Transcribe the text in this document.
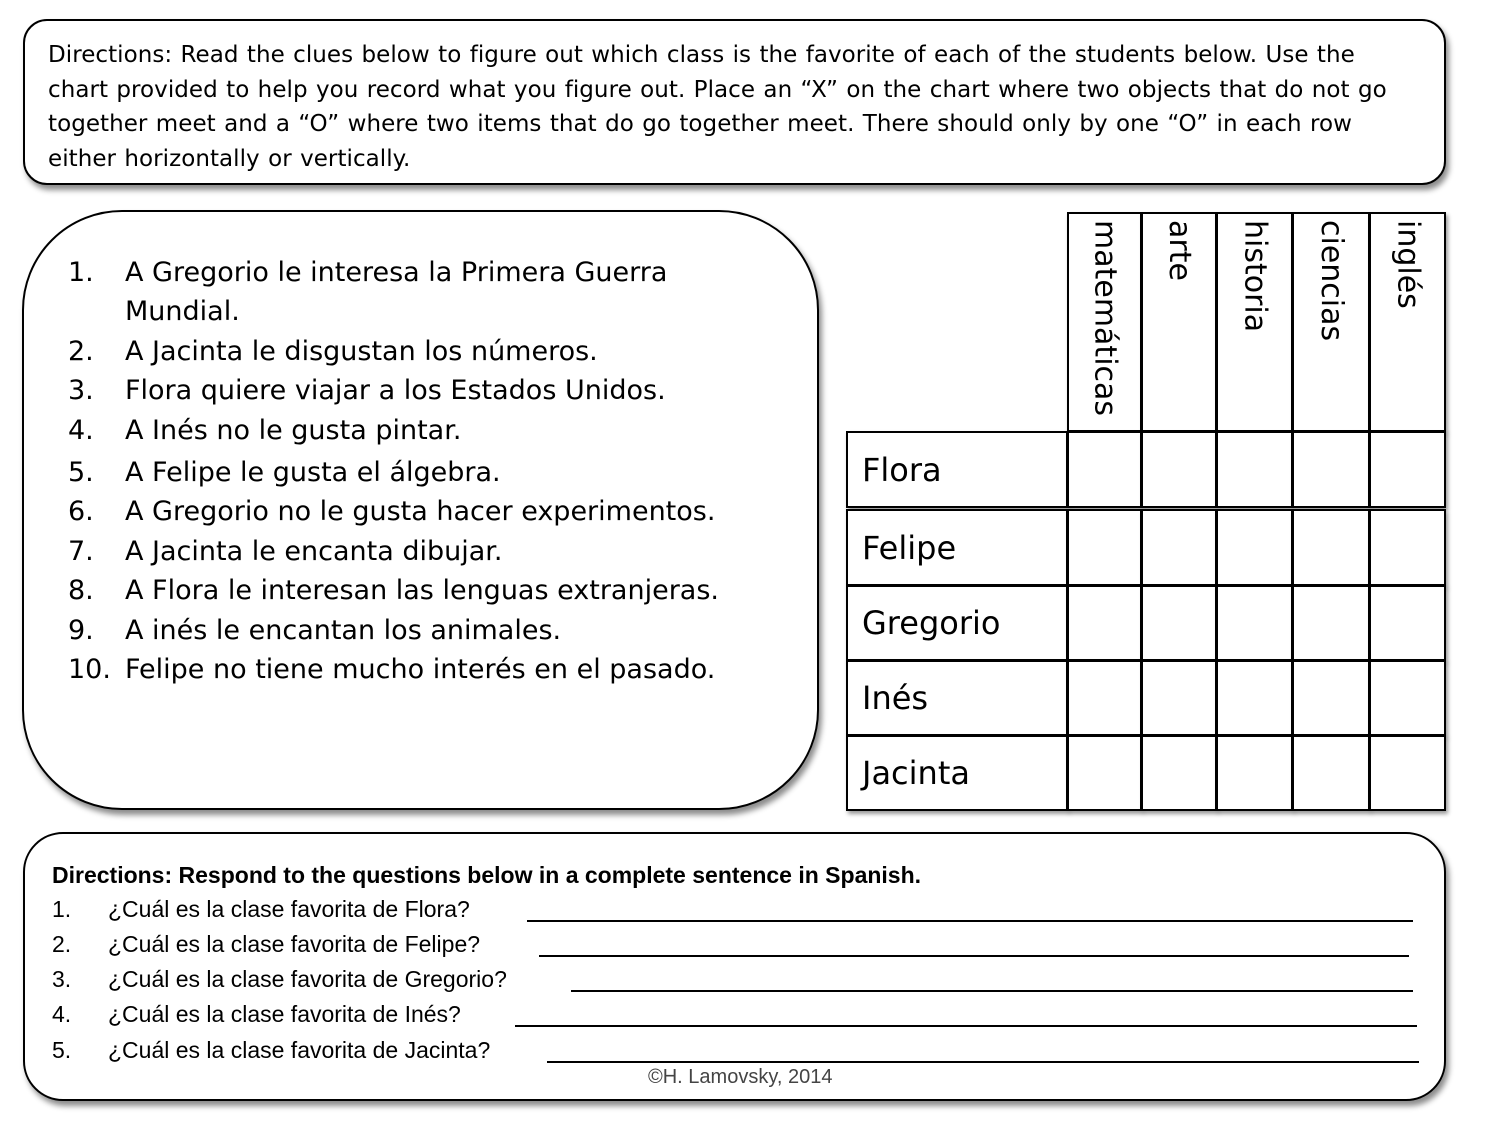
Directions: Read the clues below to figure out which class is the favorite of each of the students below. Use the chart provided to help you record what you figure out. Place an “X” on the chart where two objects that do not go together meet and a “O” where two items that do go together meet. There should only by one “O” in each row either horizontally or vertically.

1. A Gregorio le interesa la Primera Guerra
Mundial.
2. A Jacinta le disgustan los números.
3. Flora quiere viajar a los Estados Unidos.
4. A Inés no le gusta pintar.
5. A Felipe le gusta el álgebra.
6. A Gregorio no le gusta hacer experimentos.
7. A Jacinta le encanta dibujar.
8. A Flora le interesan las lenguas extranjeras.
9. A inés le encantan los animales.
10. Felipe no tiene mucho interés en el pasado.
matemáticas arte historia ciencias inglés
Flora
Felipe
Gregorio
Inés
Jacinta
Directions: Respond to the questions below in a complete sentence in Spanish.
1. ¿Cuál es la clase favorita de Flora?
2. ¿Cuál es la clase favorita de Felipe?
3. ¿Cuál es la clase favorita de Gregorio?
4. ¿Cuál es la clase favorita de Inés?
5. ¿Cuál es la clase favorita de Jacinta?
©H. Lamovsky, 2014
